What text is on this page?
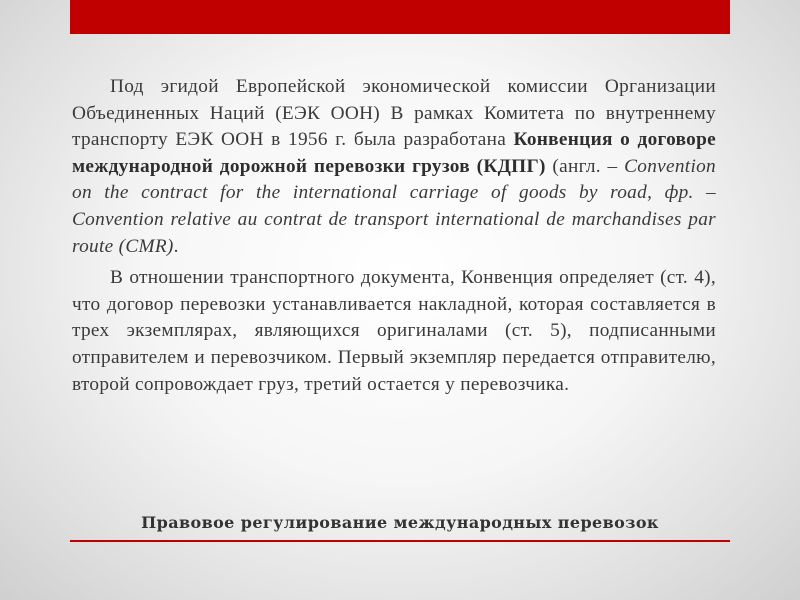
Под эгидой Европейской экономической комиссии Организации Объединенных Наций (ЕЭК ООН) В рамках Комитета по внутреннему транспорту ЕЭК ООН в 1956 г. была разработана Конвенция о договоре международной дорожной перевозки грузов (КДПГ) (англ. – Convention on the contract for the international carriage of goods by road, фр. – Convention relative au contrat de transport international de marchandises par route (CMR).

В отношении транспортного документа, Конвенция определяет (ст. 4), что договор перевозки устанавливается накладной, которая составляется в трех экземплярах, являющихся оригиналами (ст. 5), подписанными отправителем и перевозчиком. Первый экземпляр передается отправителю, второй сопровождает груз, третий остается у перевозчика.

Правовое регулирование международных перевозок
